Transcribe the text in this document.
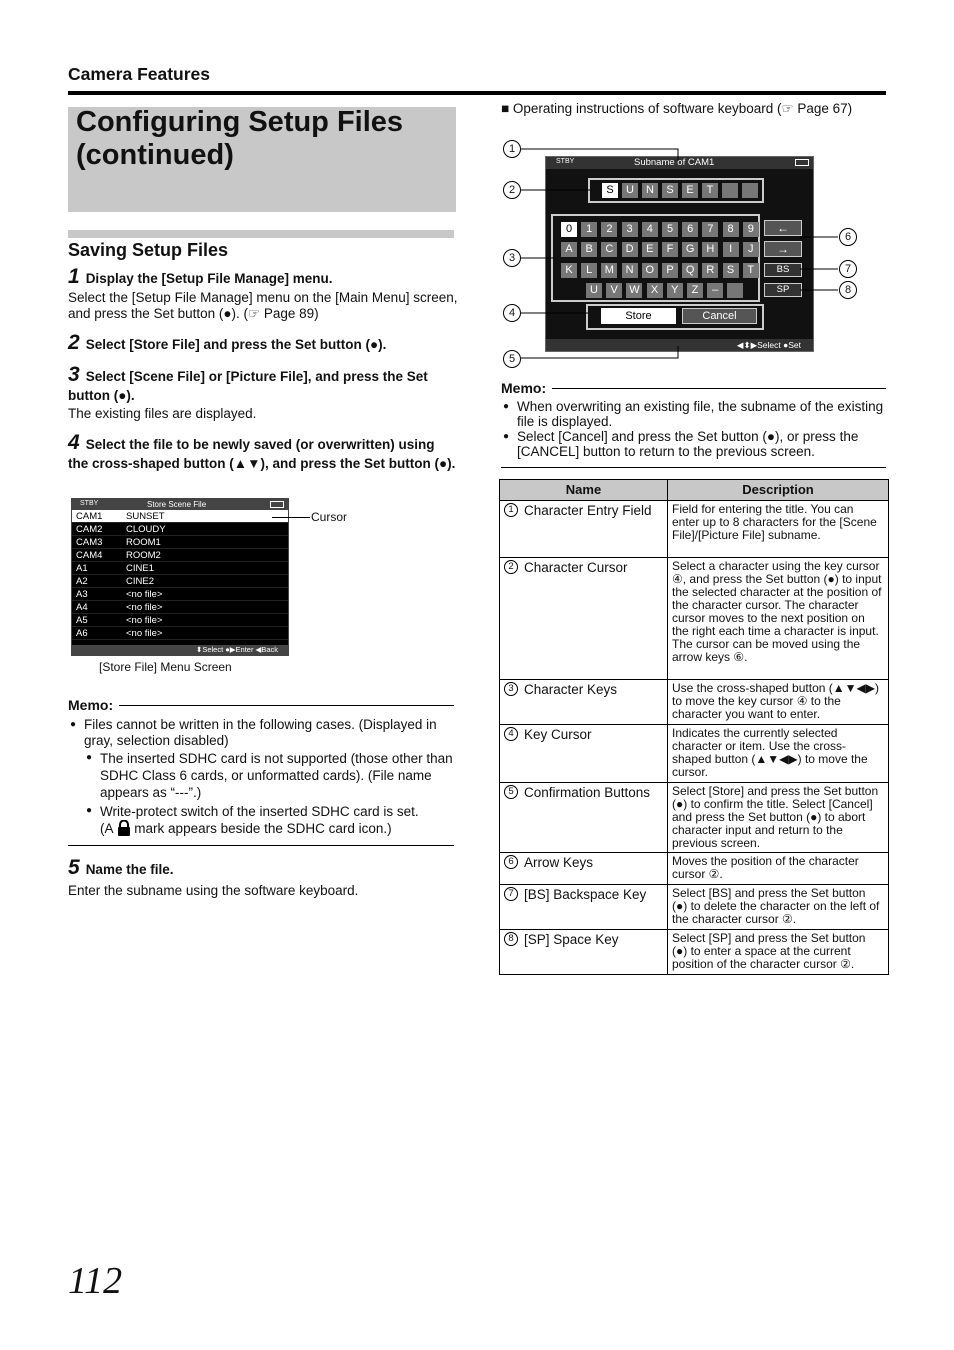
Camera Features
Configuring Setup Files
(continued)
Saving Setup Files
1 Display the [Setup File Manage] menu.
Select the [Setup File Manage] menu on the [Main Menu] screen, and press the Set button (●). (☞ Page 89)
2 Select [Store File] and press the Set button (●).
3 Select [Scene File] or [Picture File], and press the Set button (●).
The existing files are displayed.
4 Select the file to be newly saved (or overwritten) using the cross-shaped button (▲▼), and press the Set button (●).
STBY	Store Scene File
CAM1 SUNSET
CAM2 CLOUDY
CAM3 ROOM1
CAM4 ROOM2
A1	CINE1
A2	CINE2
A3	<no file>
A4	<no file>
A5	<no file>
A6	<no file>
⬍Select ●▶Enter ◀Back
Cursor
[Store File] Menu Screen
Memo:
● Files cannot be written in the following cases. (Displayed in gray, selection disabled)
● The inserted SDHC card is not supported (those other than SDHC Class 6 cards, or unformatted cards). (File name appears as “---”.)
● Write-protect switch of the inserted SDHC card is set.
(A mark appears beside the SDHC card icon.)
5 Name the file.
Enter the subname using the software keyboard.
■ Operating instructions of software keyboard (☞ Page 67)
STBY	Subname of CAM1
S	U	N	S	E	T
←
→
BS
SP
Store	Cancel
◀⬍▶Select ●Set
0	1	2	3	4	5	6	7	8	9
A	B	C	D	E	F	G	H	I	J
K	L	M	N	O	P	Q	R	S	T
U	V	W	X	Y	Z	–
1
2
3
4
5
6
7
8
Memo:
● When overwriting an existing file, the subname of the existing file is displayed.
● Select [Cancel] and press the Set button (●), or press the [CANCEL] button to return to the previous screen.
Name	Description
1 Character Entry Field	Field for entering the title. You can enter up to 8 characters for the [Scene File]/[Picture File] subname.
2 Character Cursor	Select a character using the key cursor ④, and press the Set button (●) to input the selected character at the position of the character cursor. The character cursor moves to the next position on the right each time a character is input. The cursor can be moved using the arrow keys ⑥.
3 Character Keys	Use the cross-shaped button (▲▼◀▶) to move the key cursor ④ to the character you want to enter.
4 Key Cursor	Indicates the currently selected character or item. Use the cross-shaped button (▲▼◀▶) to move the cursor.
5 Confirmation Buttons	Select [Store] and press the Set button (●) to confirm the title. Select [Cancel] and press the Set button (●) to abort character input and return to the previous screen.
6 Arrow Keys	Moves the position of the character cursor ②.
7 [BS] Backspace Key	Select [BS] and press the Set button (●) to delete the character on the left of the character cursor ②.
8 [SP] Space Key	Select [SP] and press the Set button (●) to enter a space at the current position of the character cursor ②.
112
